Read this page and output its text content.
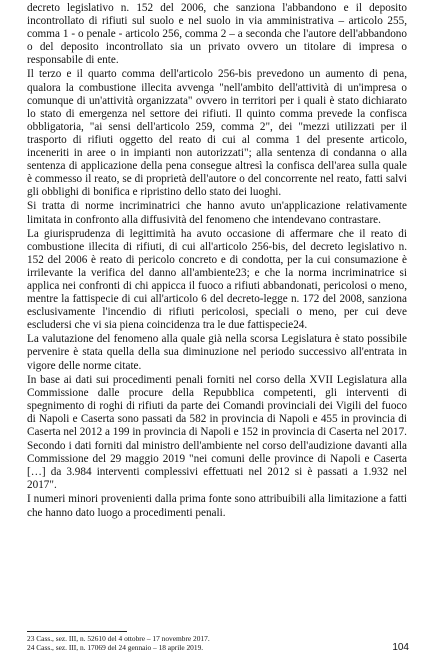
decreto legislativo n. 152 del 2006, che sanziona l'abbandono e il deposito incontrollato di rifiuti sul suolo e nel suolo in via amministrativa – articolo 255, comma 1 - o penale - articolo 256, comma 2 – a seconda che l'autore dell'abbandono o del deposito incontrollato sia un privato ovvero un titolare di impresa o responsabile di ente.

Il terzo e il quarto comma dell'articolo 256-bis prevedono un aumento di pena, qualora la combustione illecita avvenga "nell'ambito dell'attività di un'impresa o comunque di un'attività organizzata" ovvero in territori per i quali è stato dichiarato lo stato di emergenza nel settore dei rifiuti. Il quinto comma prevede la confisca obbligatoria, "ai sensi dell'articolo 259, comma 2", dei "mezzi utilizzati per il trasporto di rifiuti oggetto del reato di cui al comma 1 del presente articolo, inceneriti in aree o in impianti non autorizzati"; alla sentenza di condanna o alla sentenza di applicazione della pena consegue altresì la confisca dell'area sulla quale è commesso il reato, se di proprietà dell'autore o del concorrente nel reato, fatti salvi gli obblighi di bonifica e ripristino dello stato dei luoghi.

Si tratta di norme incriminatrici che hanno avuto un'applicazione relativamente limitata in confronto alla diffusività del fenomeno che intendevano contrastare.

La giurisprudenza di legittimità ha avuto occasione di affermare che il reato di combustione illecita di rifiuti, di cui all'articolo 256-bis, del decreto legislativo n. 152 del 2006 è reato di pericolo concreto e di condotta, per la cui consumazione è irrilevante la verifica del danno all'ambiente23; e che la norma incriminatrice si applica nei confronti di chi appicca il fuoco a rifiuti abbandonati, pericolosi o meno, mentre la fattispecie di cui all'articolo 6 del decreto-legge n. 172 del 2008, sanziona esclusivamente l'incendio di rifiuti pericolosi, speciali o meno, per cui deve escludersi che vi sia piena coincidenza tra le due fattispecie24.

La valutazione del fenomeno alla quale già nella scorsa Legislatura è stato possibile pervenire è stata quella della sua diminuzione nel periodo successivo all'entrata in vigore delle norme citate.

In base ai dati sui procedimenti penali forniti nel corso della XVII Legislatura alla Commissione dalle procure della Repubblica competenti, gli interventi di spegnimento di roghi di rifiuti da parte dei Comandi provinciali dei Vigili del fuoco di Napoli e Caserta sono passati da 582 in provincia di Napoli e 455 in provincia di Caserta nel 2012 a 199 in provincia di Napoli e 152 in provincia di Caserta nel 2017.

Secondo i dati forniti dal ministro dell'ambiente nel corso dell'audizione davanti alla Commissione del 29 maggio 2019 "nei comuni delle province di Napoli e Caserta […] da 3.984 interventi complessivi effettuati nel 2012 si è passati a 1.932 nel 2017".

I numeri minori provenienti dalla prima fonte sono attribuibili alla limitazione a fatti che hanno dato luogo a procedimenti penali.

23 Cass., sez. III, n. 52610 del 4 ottobre – 17 novembre 2017.

24 Cass., sez. III, n. 17069 del 24 gennaio – 18 aprile 2019.	104
